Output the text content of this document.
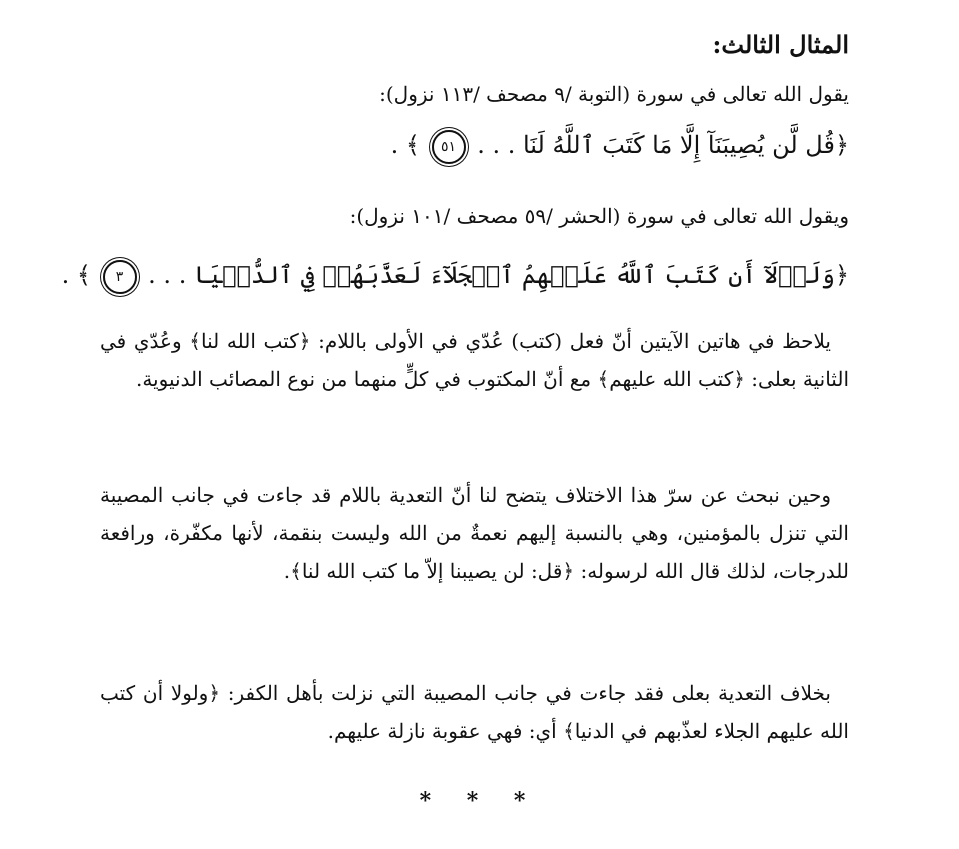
المثال الثالث:
يقول الله تعالى في سورة (التوبة /٩ مصحف /١١٣ نزول):
﴿قُل لَّن يُصِيبَنَآ إِلَّا مَا كَتَبَ ٱللَّهُ لَنَا . . . ٥١ ﴾ .
ويقول الله تعالى في سورة (الحشر /٥٩ مصحف /١٠١ نزول):
﴿وَلَوۡلَآ أَن كَتَبَ ٱللَّهُ عَلَيۡهِمُ ٱلۡجَلَآءَ لَعَذَّبَهُمۡ فِي ٱلدُّنۡيَا . . . ٣ ﴾ .

يلاحظ في هاتين الآيتين أنّ فعل (كتب) عُدّي في الأولى باللام: ﴿كتب الله لنا﴾ وعُدّي في الثانية بعلى: ﴿كتب الله عليهم﴾ مع أنّ المكتوب في كلٍّ منهما من نوع المصائب الدنيوية.

وحين نبحث عن سرّ هذا الاختلاف يتضح لنا أنّ التعدية باللام قد جاءت في جانب المصيبة التي تنزل بالمؤمنين، وهي بالنسبة إليهم نعمةٌ من الله وليست بنقمة، لأنها مكفّرة، ورافعة للدرجات، لذلك قال الله لرسوله: ﴿قل: لن يصيبنا إلاّ ما كتب الله لنا﴾.

بخلاف التعدية بعلى فقد جاءت في جانب المصيبة التي نزلت بأهل الكفر: ﴿ولولا أن كتب الله عليهم الجلاء لعذّبهم في الدنيا﴾ أي: فهي عقوبة نازلة عليهم.

* * *
